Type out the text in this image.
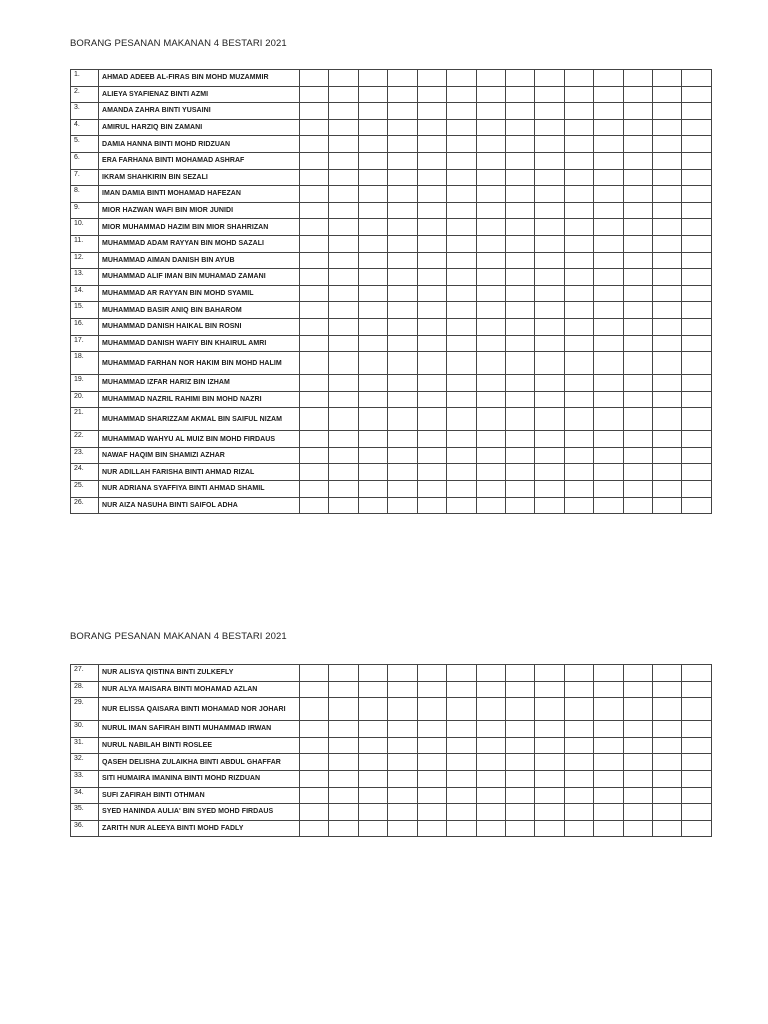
BORANG PESANAN MAKANAN 4 BESTARI 2021
1.	AHMAD ADEEB AL-FIRAS BIN MOHD MUZAMMIR														
2.	ALIEYA SYAFIENAZ BINTI AZMI														
3.	AMANDA ZAHRA BINTI YUSAINI														
4.	AMIRUL HARZIQ BIN ZAMANI														
5.	DAMIA HANNA BINTI MOHD RIDZUAN														
6.	ERA FARHANA BINTI MOHAMAD ASHRAF														
7.	IKRAM SHAHKIRIN BIN SEZALI														
8.	IMAN DAMIA BINTI MOHAMAD HAFEZAN														
9.	MIOR HAZWAN WAFI BIN MIOR JUNIDI														
10.	MIOR MUHAMMAD HAZIM BIN MIOR SHAHRIZAN														
11.	MUHAMMAD ADAM RAYYAN BIN MOHD SAZALI														
12.	MUHAMMAD AIMAN DANISH BIN AYUB														
13.	MUHAMMAD ALIF IMAN BIN MUHAMAD ZAMANI														
14.	MUHAMMAD AR RAYYAN BIN MOHD SYAMIL														
15.	MUHAMMAD BASIR ANIQ BIN BAHAROM														
16.	MUHAMMAD DANISH HAIKAL BIN ROSNI														
17.	MUHAMMAD DANISH WAFIY BIN KHAIRUL AMRI														
18.	MUHAMMAD FARHAN NOR HAKIM BIN MOHD HALIM														
19.	MUHAMMAD IZFAR HARIZ BIN IZHAM														
20.	MUHAMMAD NAZRIL RAHIMI BIN MOHD NAZRI														
21.	MUHAMMAD SHARIZZAM AKMAL BIN SAIFUL NIZAM														
22.	MUHAMMAD WAHYU AL MUIZ BIN MOHD FIRDAUS														
23.	NAWAF HAQIM BIN SHAMIZI AZHAR														
24.	NUR ADILLAH FARISHA BINTI AHMAD RIZAL														
25.	NUR ADRIANA SYAFFIYA BINTI AHMAD SHAMIL														
26.	NUR AIZA NASUHA BINTI SAIFOL ADHA														
BORANG PESANAN MAKANAN 4 BESTARI 2021
27.	NUR ALISYA QISTINA BINTI ZULKEFLY														
28.	NUR ALYA MAISARA BINTI MOHAMAD AZLAN														
29.	NUR ELISSA QAISARA BINTI MOHAMAD NOR JOHARI														
30.	NURUL IMAN SAFIRAH BINTI MUHAMMAD IRWAN														
31.	NURUL NABILAH BINTI ROSLEE														
32.	QASEH DELISHA ZULAIKHA BINTI ABDUL GHAFFAR														
33.	SITI HUMAIRA IMANINA BINTI MOHD RIZDUAN														
34.	SUFI ZAFIRAH BINTI OTHMAN														
35.	SYED HANINDA AULIA' BIN SYED MOHD FIRDAUS														
36.	ZARITH NUR ALEEYA BINTI MOHD FADLY														
